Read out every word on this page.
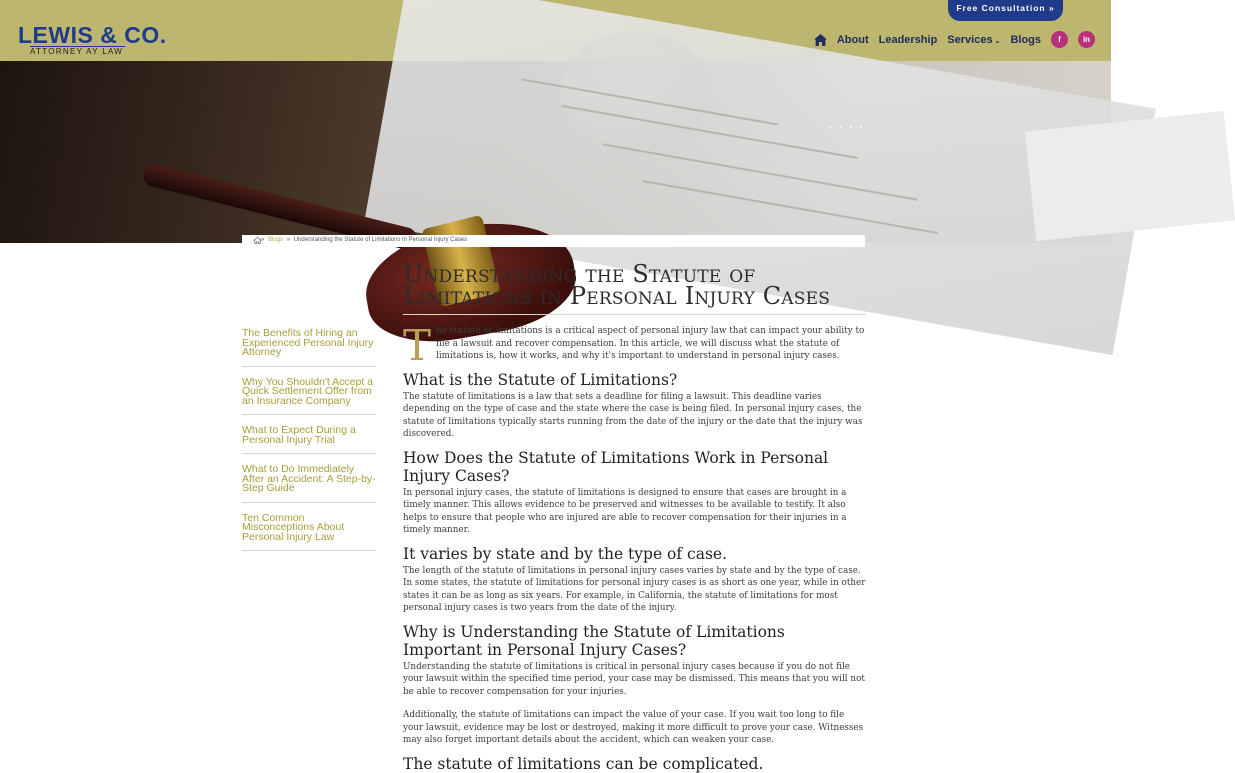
LEWIS & CO.
ATTORNEY AY LAW
Free Consultation »
About Leadership Services ⌄ Blogs	f	in
• • • •
» Blogs » Understanding the Statute of Limitations in Personal Injury Cases
The Benefits of Hiring an Experienced Personal Injury Attorney
Why You Shouldn't Accept a Quick Settlement Offer from an Insurance Company
What to Expect During a Personal Injury Trial
What to Do Immediately After an Accident: A Step-by-Step Guide
Ten Common Misconceptions About Personal Injury Law
Understanding the Statute of Limitations in Personal Injury Cases
T he statute of limitations is a critical aspect of personal injury law that can impact your ability to file a lawsuit and recover compensation. In this article, we will discuss what the statute of limitations is, how it works, and why it's important to understand in personal injury cases.
What is the Statute of Limitations?

The statute of limitations is a law that sets a deadline for filing a lawsuit. This deadline varies depending on the type of case and the state where the case is being filed. In personal injury cases, the statute of limitations typically starts running from the date of the injury or the date that the injury was discovered.

How Does the Statute of Limitations Work in Personal Injury Cases?

In personal injury cases, the statute of limitations is designed to ensure that cases are brought in a timely manner. This allows evidence to be preserved and witnesses to be available to testify. It also helps to ensure that people who are injured are able to recover compensation for their injuries in a timely manner.

It varies by state and by the type of case.

The length of the statute of limitations in personal injury cases varies by state and by the type of case. In some states, the statute of limitations for personal injury cases is as short as one year, while in other states it can be as long as six years. For example, in California, the statute of limitations for most personal injury cases is two years from the date of the injury.

Why is Understanding the Statute of Limitations Important in Personal Injury Cases?

Understanding the statute of limitations is critical in personal injury cases because if you do not file your lawsuit within the specified time period, your case may be dismissed. This means that you will not be able to recover compensation for your injuries.

Additionally, the statute of limitations can impact the value of your case. If you wait too long to file your lawsuit, evidence may be lost or destroyed, making it more difficult to prove your case. Witnesses may also forget important details about the accident, which can weaken your case.

The statute of limitations can be complicated.
